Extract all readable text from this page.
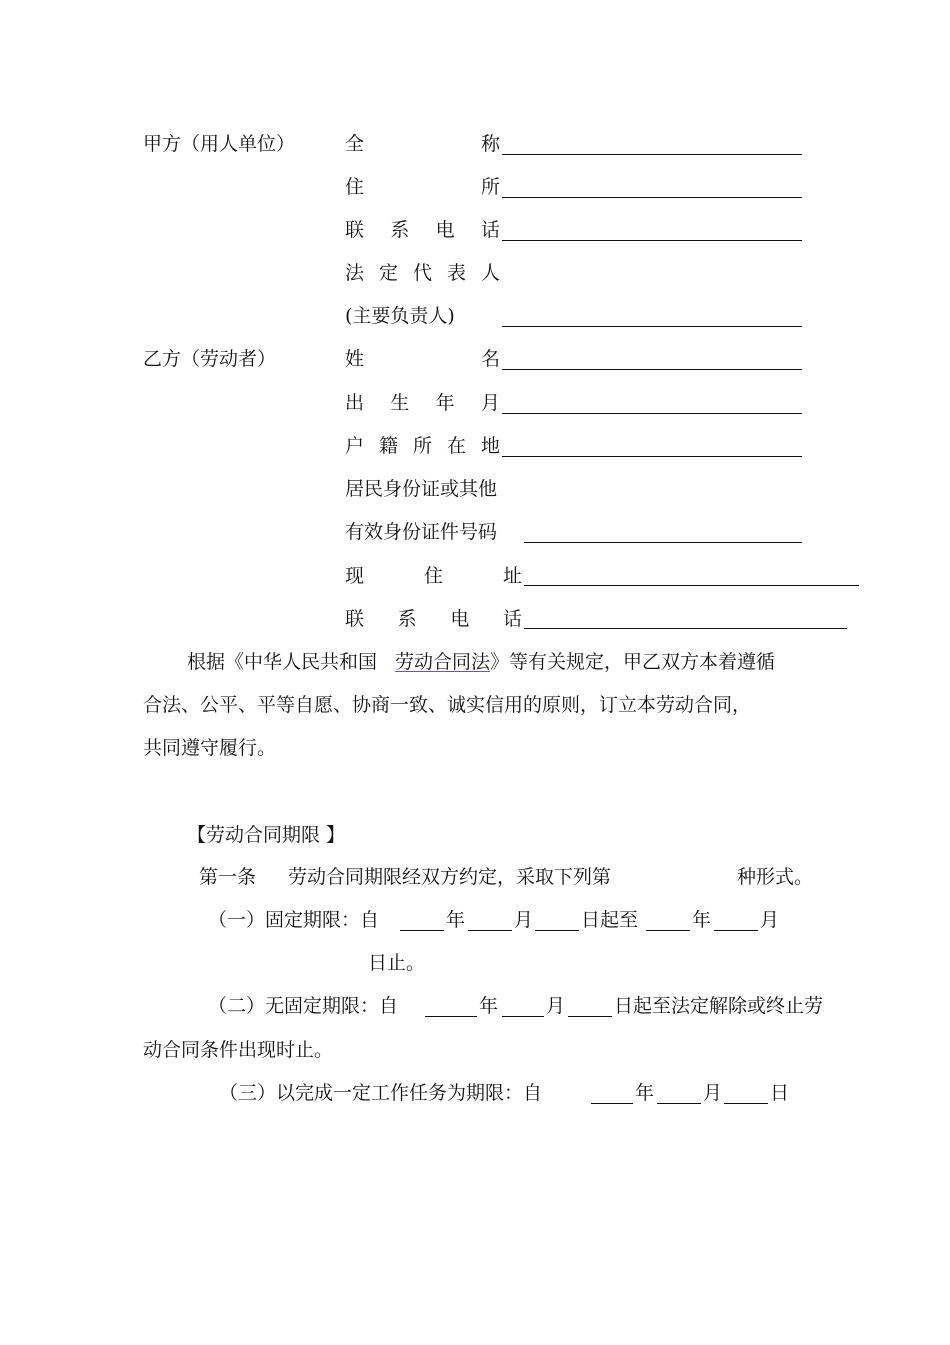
甲方（用人单位）	全	称
住	所
联 系 电 话
法 定 代 表 人
(主要负责人)
乙方（劳动者）	姓	名
出 生 年 月
户 籍 所 在 地
居民身份证或其他
有效身份证件号码
现	住	址
联 系 电 话
根据《中华人民共和国 劳动合同法》等有关规定，甲乙双方本着遵循
合法、公平、平等自愿、协商一致、诚实信用的原则，订立本劳动合同，
共同遵守履行。
【劳动合同期限 】
第一条 劳动合同期限经双方约定，采取下列第	种形式。
（一）固定期限：自	年	月	日起至	年	月
日止。
（二）无固定期限：自	年	月	日起至法定解除或终止劳
动合同条件出现时止。
（三）以完成一定工作任务为期限：自	年	月	日
